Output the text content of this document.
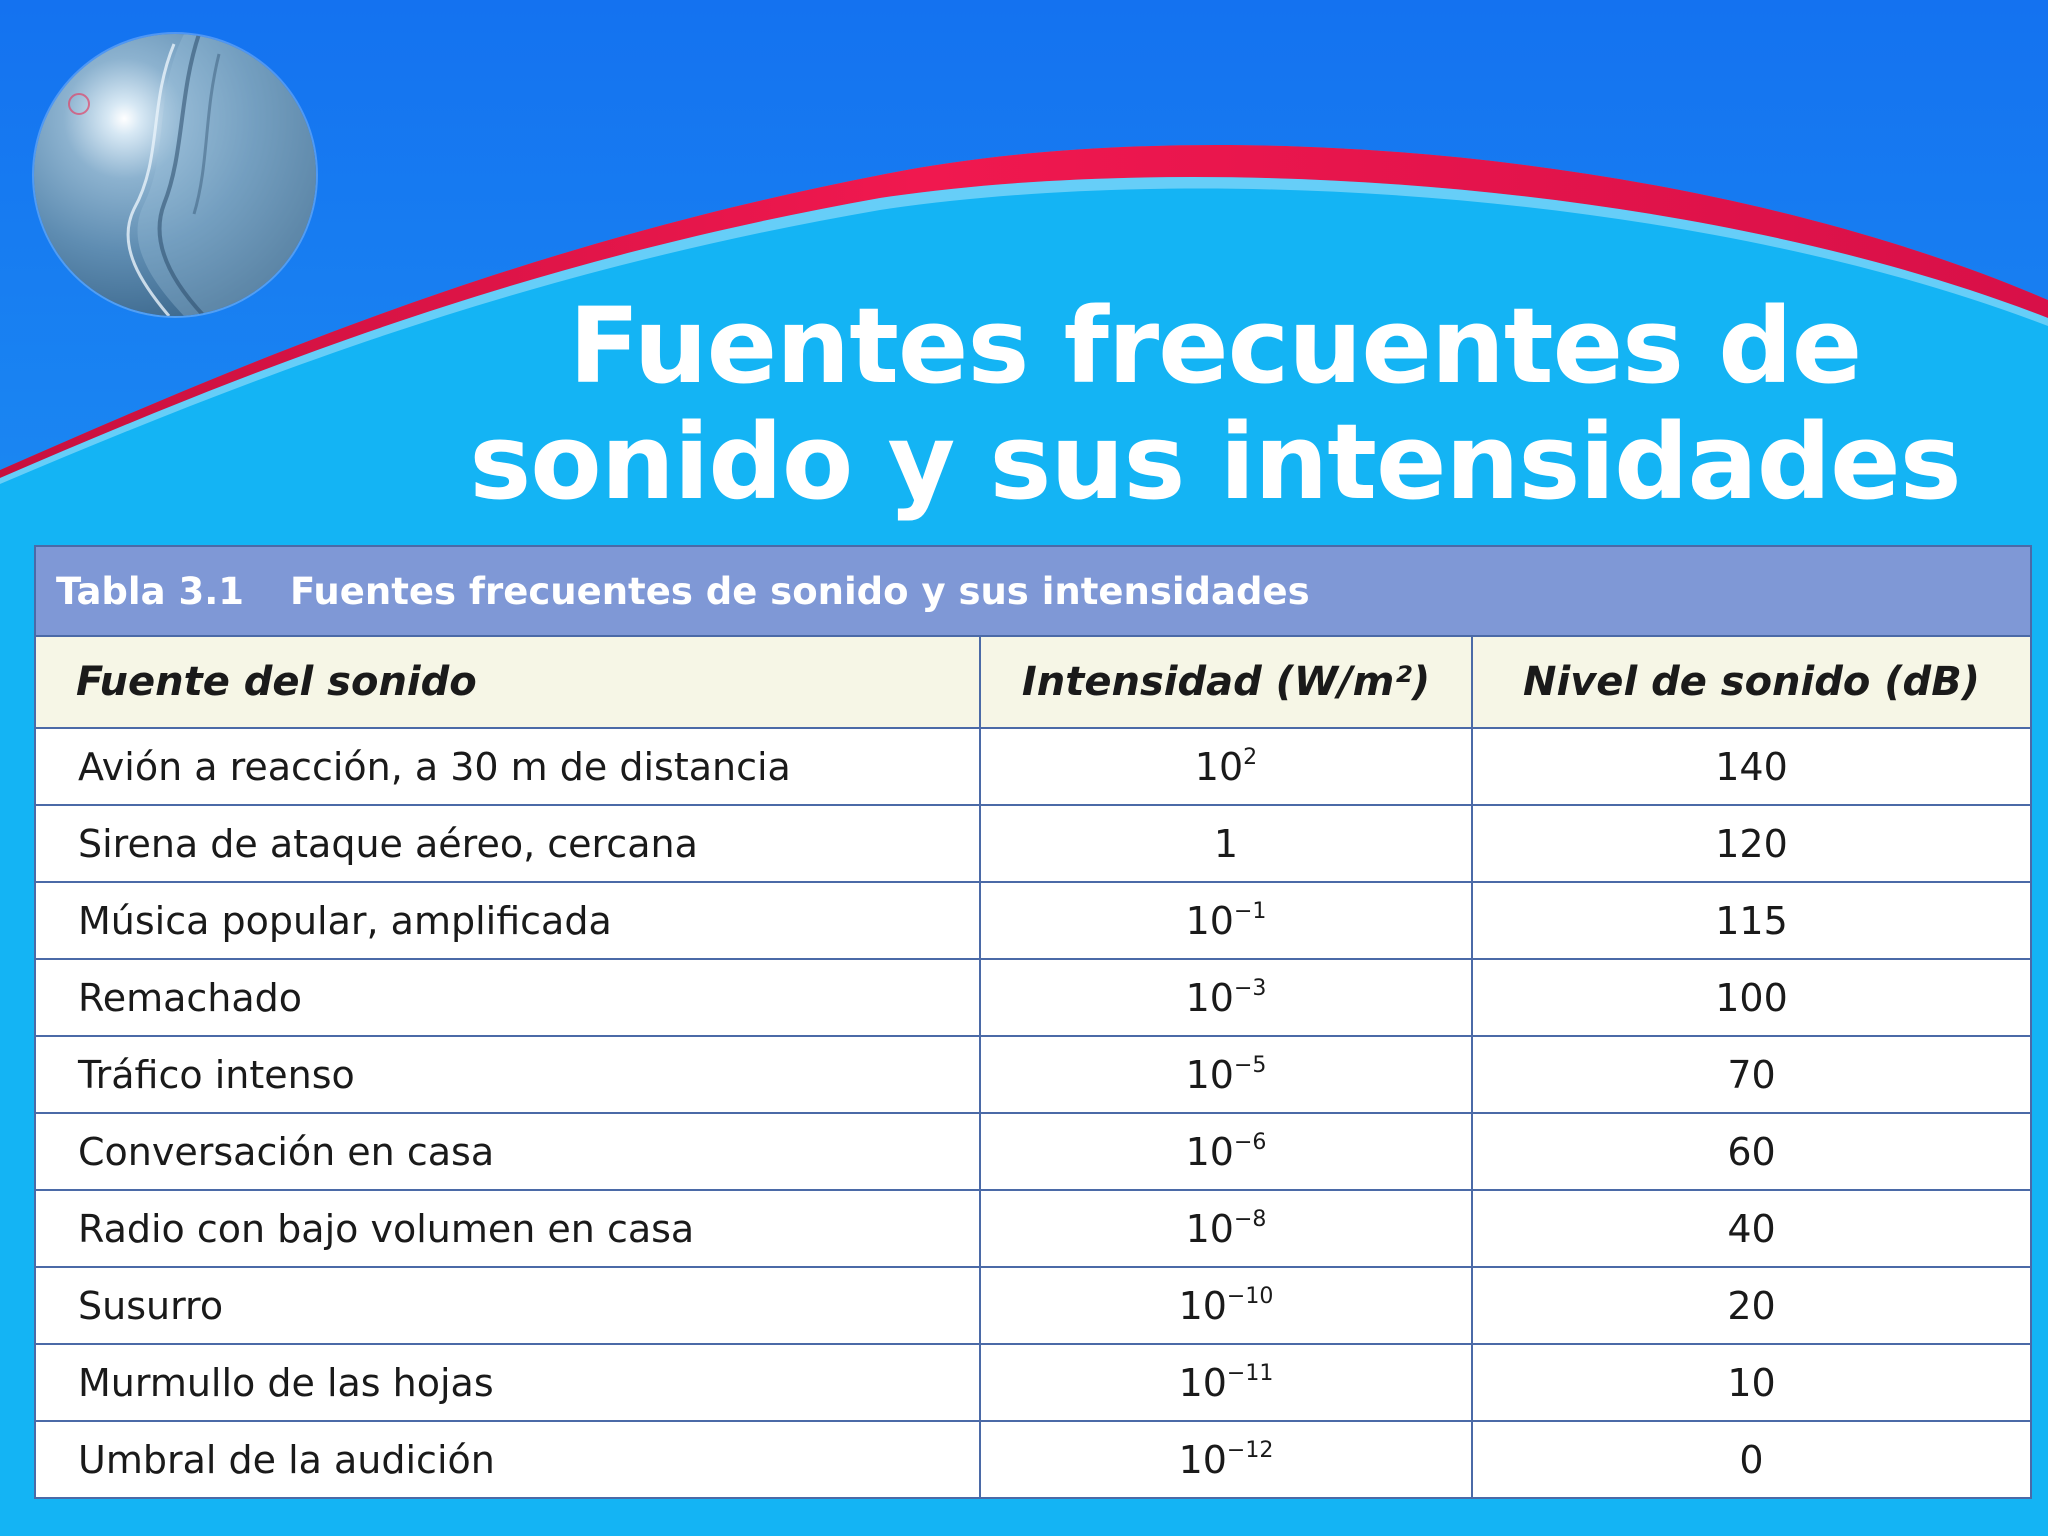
Fuentes frecuentes de
sonido y sus intensidades
Tabla 3.1 Fuentes frecuentes de sonido y sus intensidades		
Fuente del sonido	Intensidad (W/m²)	Nivel de sonido (dB)
Avión a reacción, a 30 m de distancia	$10^2$	140
Sirena de ataque aéreo, cercana	1	120
Música popular, amplificada	$10^{-1}$	115
Remachado	$10^{-3}$	100
Tráfico intenso	$10^{-5}$	70
Conversación en casa	$10^{-6}$	60
Radio con bajo volumen en casa	$10^{-8}$	40
Susurro	$10^{-10}$	20
Murmullo de las hojas	$10^{-11}$	10
Umbral de la audición	$10^{-12}$	0
